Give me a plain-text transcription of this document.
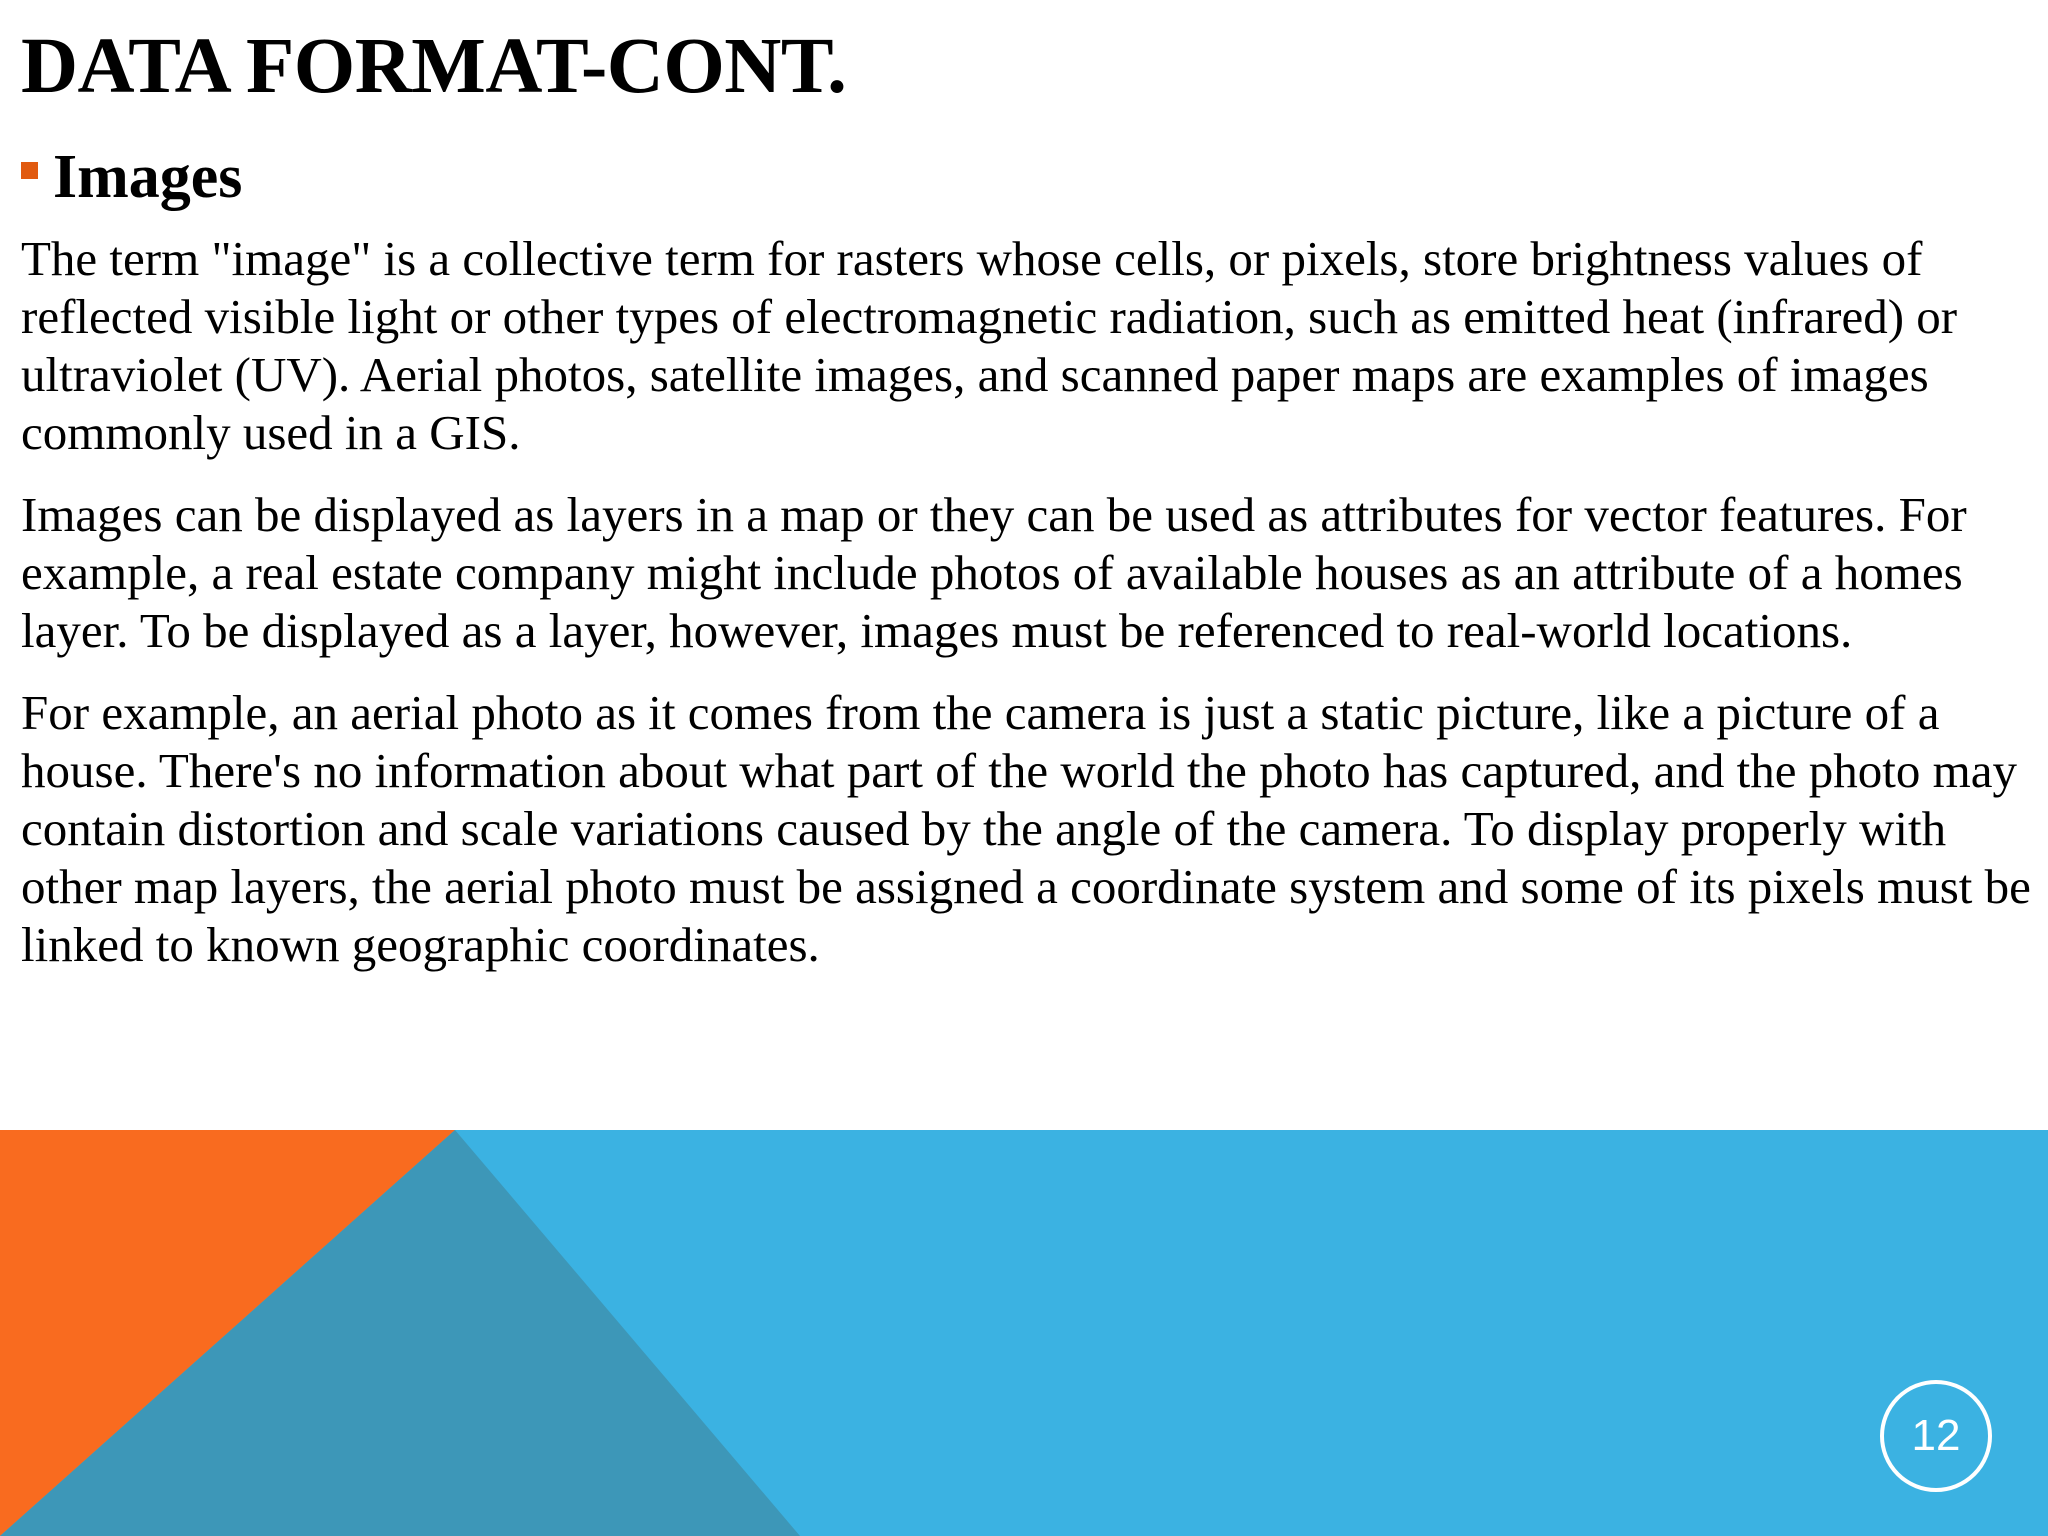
DATA FORMAT-CONT.
Images

The term "image" is a collective term for rasters whose cells, or pixels, store brightness values of reflected visible light or other types of electromagnetic radiation, such as emitted heat (infrared) or ultraviolet (UV). Aerial photos, satellite images, and scanned paper maps are examples of images commonly used in a GIS.

Images can be displayed as layers in a map or they can be used as attributes for vector features. For example, a real estate company might include photos of available houses as an attribute of a homes layer. To be displayed as a layer, however, images must be referenced to real-world locations.

For example, an aerial photo as it comes from the camera is just a static picture, like a picture of a house. There's no information about what part of the world the photo has captured, and the photo may contain distortion and scale variations caused by the angle of the camera. To display properly with other map layers, the aerial photo must be assigned a coordinate system and some of its pixels must be linked to known geographic coordinates.

12
